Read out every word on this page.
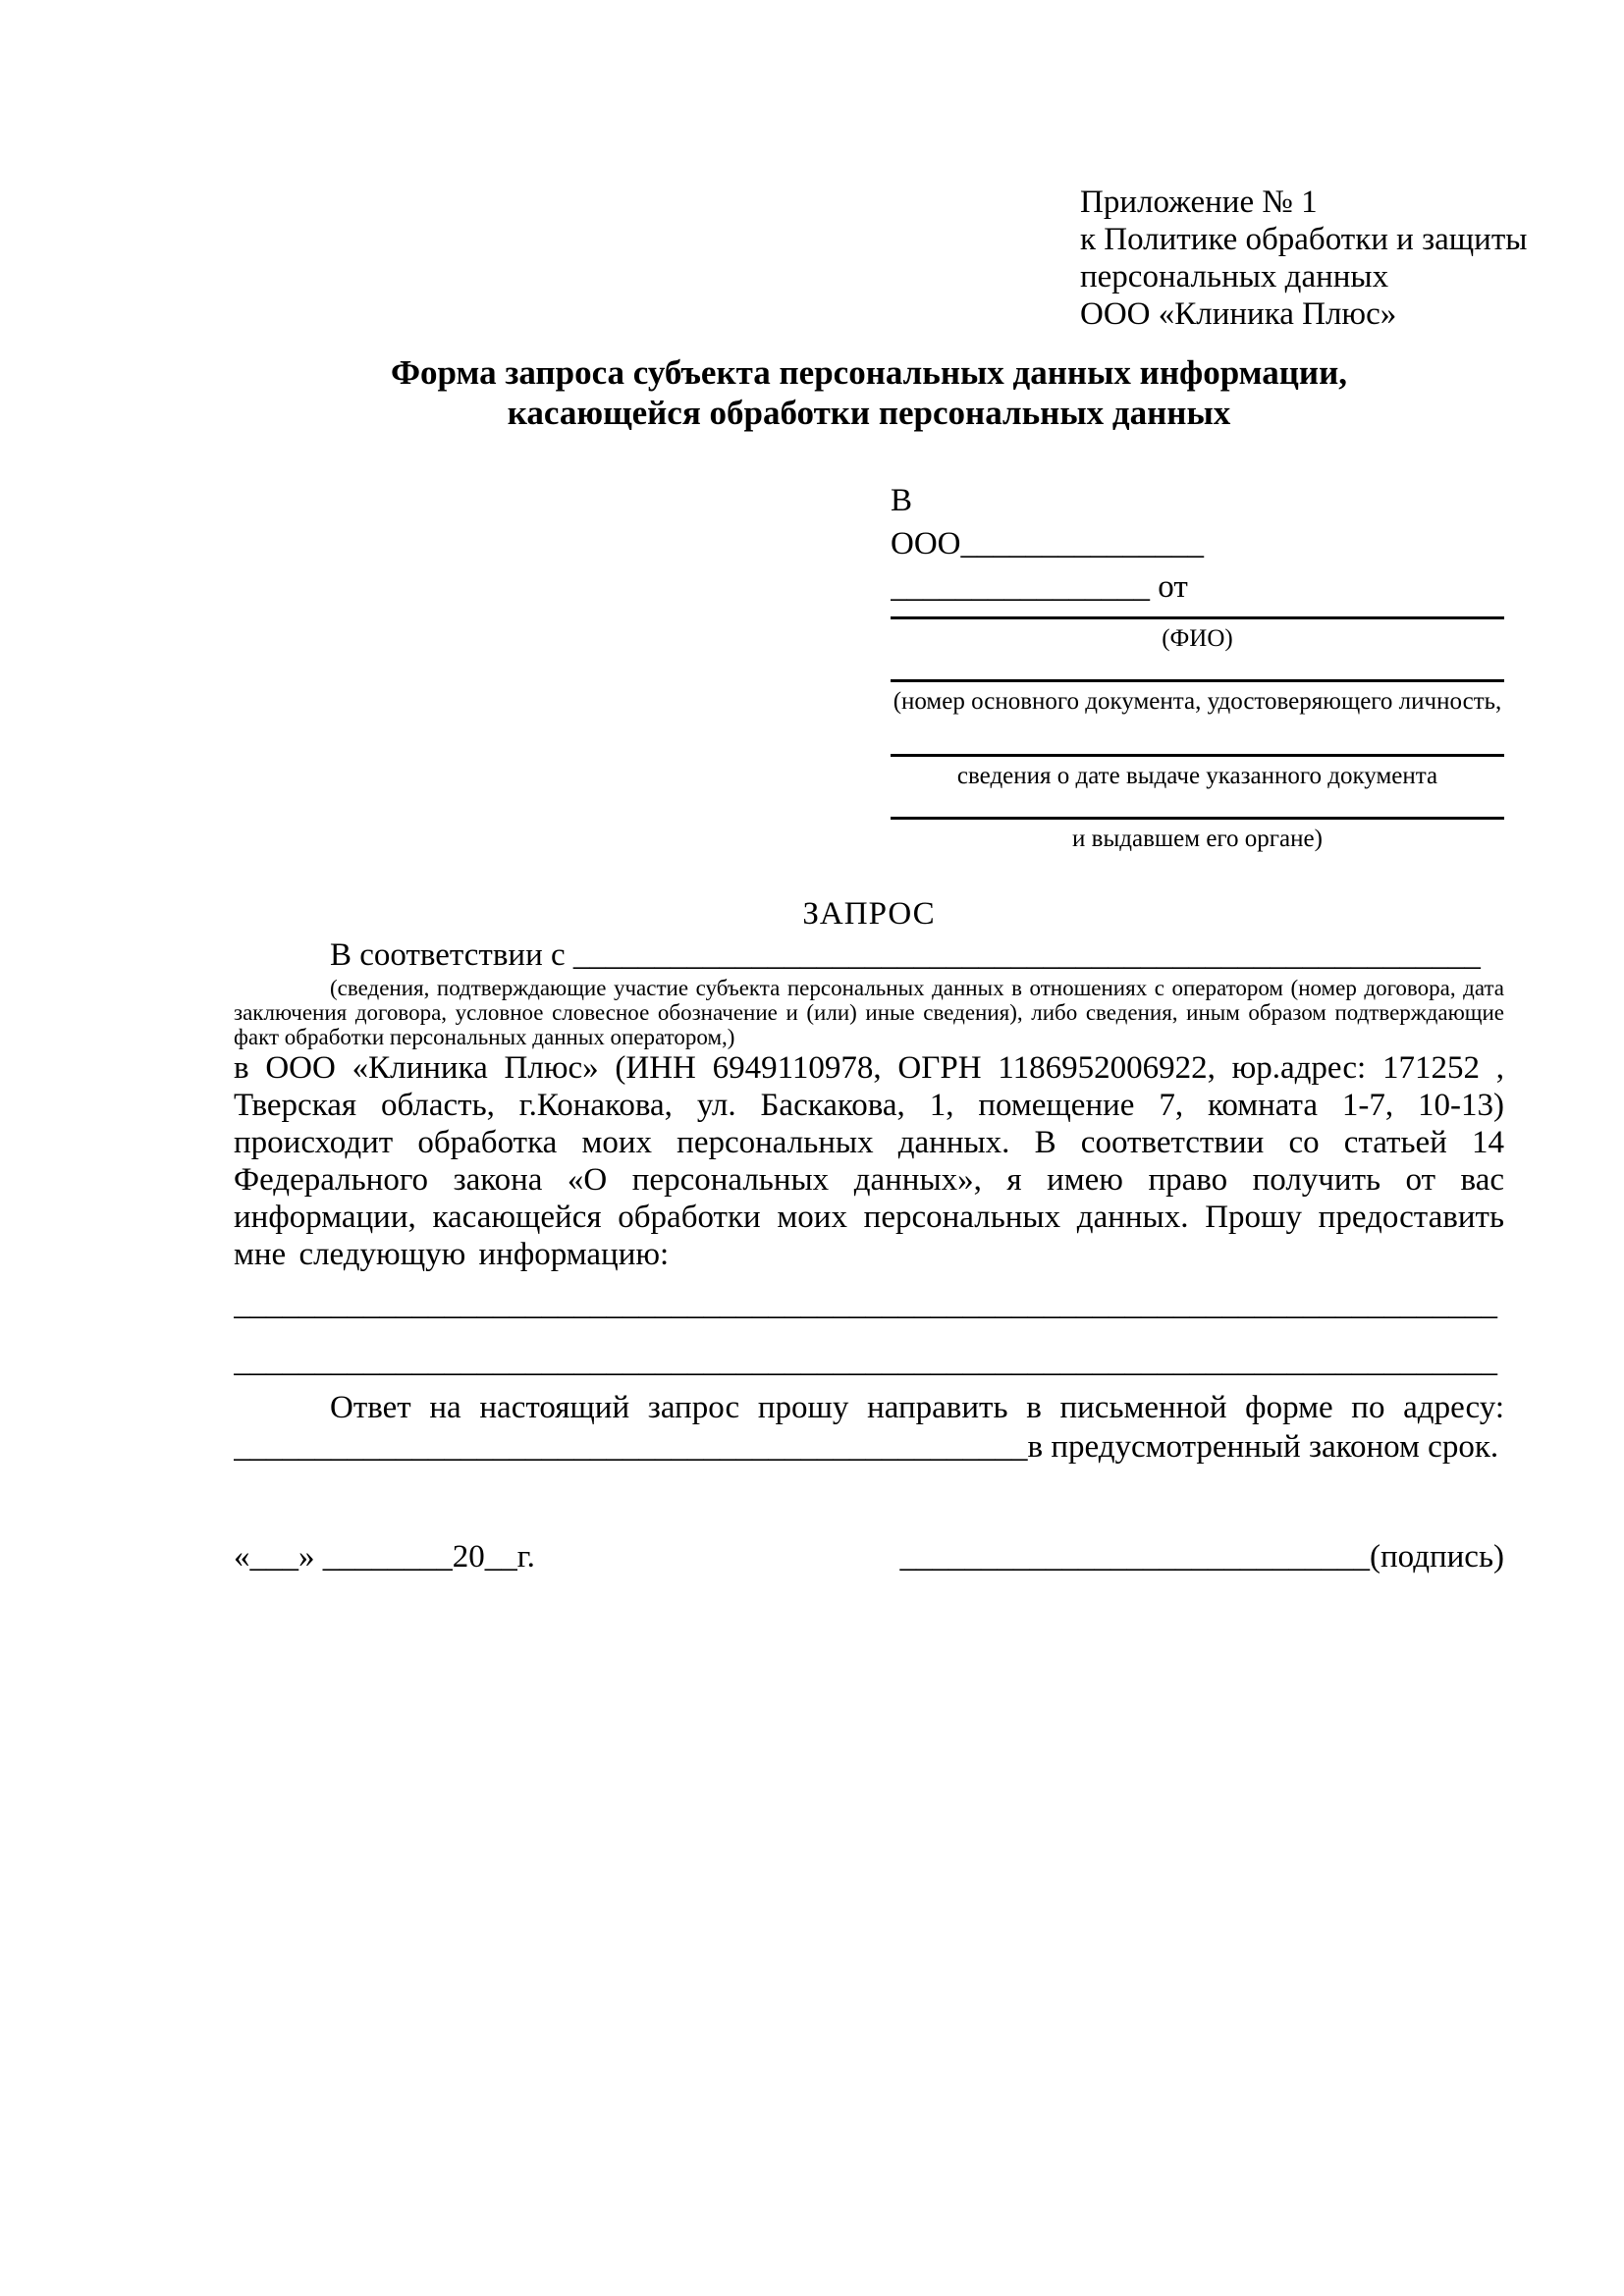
Приложение № 1
к Политике обработки и защиты
персональных данных
ООО «Клиника Плюс»
Форма запроса субъекта персональных данных информации,
касающейся обработки персональных данных
В
ООО_______________
________________ от
(ФИО)
(номер основного документа, удостоверяющего личность,
сведения о дате выдаче указанного документа
и выдавшем его органе)
ЗАПРОС
В соответствии с ________________________________________________________
(сведения, подтверждающие участие субъекта персональных данных в отношениях с оператором (номер договора, дата заключения договора, условное словесное обозначение и (или) иные сведения), либо сведения, иным образом подтверждающие факт обработки персональных данных оператором,)
в ООО «Клиника Плюс» (ИНН 6949110978, ОГРН 1186952006922, юр.адрес: 171252 , Тверская область, г.Конакова, ул. Баскакова, 1, помещение 7, комната 1-7, 10-13) происходит обработка моих персональных данных. В соответствии со статьей 14 Федерального закона «О персональных данных», я имею право получить от вас информации, касающейся обработки моих персональных данных. Прошу предоставить мне следующую информацию:
______________________________________________________________________________
______________________________________________________________________________
Ответ на настоящий запрос прошу направить в письменной форме по адресу:
_________________________________________________в предусмотренный законом срок.
«___» ________20__г.	_____________________________(подпись)
